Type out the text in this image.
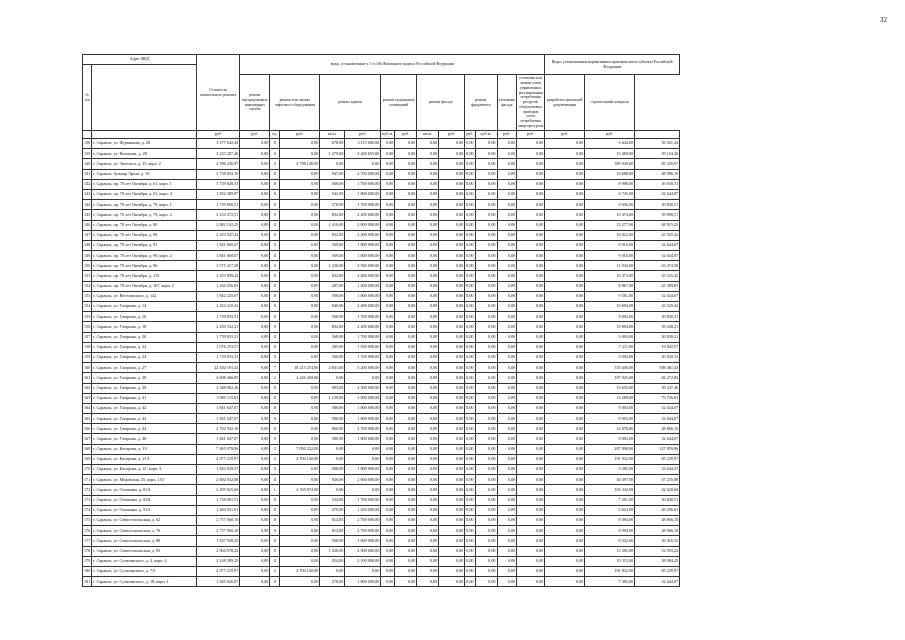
32
Адрес МКД		Стоимость капитального ремонта	виды, установленные ч.1 ст.166 Жилищного кодекса Российской Федерации													Виды, установленные нормативным правовым актом субъекта Российской Федерации		
№ п/п																		
			ремонт внутридомовых инженерных систем	ремонт или замена лифтового оборудования		ремонт крыши		ремонт подвальных помещений		ремонт фасада		ремонт фундамента		утепление фасада	установка или замена узлов управления и регулирования потребления ресурсов, общедомовых приборов учета потребления энергоресурсов	разработка проектной документации	строительный контроль	
		руб.	руб.	ед.	руб.	кв.м.	руб.	куб.м.	руб.	кв.м.	руб.	руб.	куб.м.	руб.	руб.	руб.	руб.	
138	г. Саранск, ул. Фурманова, д. 28	3 177 642,44	0,00	0	0,00	678,00	3 115 000,00	0,00	0,00	0,00	0,00	0,00	0,00	0,00	0,00	0,00	5 644,00	56 501,44
139	г. Саранск, ул. Кольцова, д. 28	3 233 287,46	0,00	0	0,00	1 279,00	3 260 655,00	0,00	0,00	0,00	0,00	0,00	0,00	0,00	0,00	0,00	15 469,00	59 134,46
140	г. Саранск, ул. Энгельса, д. 15, корп. 2	4 596 236,97	0,00	2	4 798 148,00	0,00	0,00	0,00	0,00	0,00	0,00	0,00	0,00	0,00	0,00	0,00	389 949,60	85 339,97
141	г. Саранск, бульвар Эрьзи, д. 10	2 758 834,10	0,00	0	0,00	947,00	2 700 000,00	0,00	0,00	0,00	0,00	0,00	0,00	0,00	0,00	0,00	10 688,00	48 996,10
142	г. Саранск, пр. 70 лет Октября, д. 61, корп. 1	1 739 828,31	0,00	0	0,00	568,00	1 700 000,00	0,00	0,00	0,00	0,00	0,00	0,00	0,00	0,00	0,00	8 998,00	30 830,31
143	г. Саранск, пр. 70 лет Октября, д. 61, корп. 4	1 832 389,87	0,00	0	0,00	542,00	1 800 000,00	0,00	0,00	0,00	0,00	0,00	0,00	0,00	0,00	0,00	6 745,00	32 644,87
144	г. Саранск, пр. 70 лет Октября, д. 79, корп. 1	1 739 856,51	0,00	0	0,00	578,00	1 700 000,00	0,00	0,00	0,00	0,00	0,00	0,00	0,00	0,00	0,00	9 606,00	30 830,51
145	г. Саранск, пр. 70 лет Октября, д. 79, корп. 2	2 254 372,51	0,00	0	0,00	832,00	2 200 000,00	0,00	0,00	0,00	0,00	0,00	0,00	0,00	0,00	0,00	10 474,00	39 898,51
146	г. Саранск, пр. 70 лет Октября, д. 80	2 882 192,25	0,00	0	0,00	1 416,00	2 800 000,00	0,00	0,00	0,00	0,00	0,00	0,00	0,00	0,00	0,00	13 277,00	68 915,25
147	г. Саранск, пр. 70 лет Октября, д. 88	2 453 947,42	0,00	0	0,00	832,00	2 400 000,00	0,00	0,00	0,00	0,00	0,00	0,00	0,00	0,00	0,00	10 422,00	43 525,42
148	г. Саранск, пр. 70 лет Октября, д. 91	1 841 660,07	0,00	0	0,00	569,00	1 800 000,00	0,00	0,00	0,00	0,00	0,00	0,00	0,00	0,00	0,00	9 016,00	32 644,07
149	г. Саранск, пр. 70 лет Октября, д. 99, корп. 2	1 841 660,07	0,00	0	0,00	569,00	1 800 000,00	0,00	0,00	0,00	0,00	0,00	0,00	0,00	0,00	0,00	9 016,00	32 644,07
150	г. Саранск, пр. 70 лет Октября, д. 96	3 575 417,58	0,00	0	0,00	1 236,00	3 500 000,00	0,00	0,00	0,00	0,00	0,00	0,00	0,00	0,00	0,00	11 943,00	63 474,58
151	г. Саранск, пр. 70 лет Октября, д. 110	2 453 899,42	0,00	0	0,00	832,00	2 400 000,00	0,00	0,00	0,00	0,00	0,00	0,00	0,00	0,00	0,00	10 474,00	43 525,42
152	г. Саранск, пр. 70 лет Октября, д. 107, корп. 2	1 434 256,83	0,00	0	0,00	287,00	1 400 000,00	0,00	0,00	0,00	0,00	0,00	0,00	0,00	0,00	0,00	8 867,00	25 389,83
153	г. Саранск, ул. Веселовского, д. 142	1 842 225,67	0,00	0	0,00	508,00	1 800 000,00	0,00	0,00	0,00	0,00	0,00	0,00	0,00	0,00	0,00	9 581,00	32 644,67
154	г. Саранск, ул. Гагарина, д. 14	2 454 210,42	0,00	0	0,00	840,00	2 400 000,00	0,00	0,00	0,00	0,00	0,00	0,00	0,00	0,00	0,00	10 694,00	43 525,42
155	г. Саранск, ул. Гагарина, д. 16	1 739 833,31	0,00	0	0,00	568,00	1 700 000,00	0,00	0,00	0,00	0,00	0,00	0,00	0,00	0,00	0,00	9 003,00	30 830,31
156	г. Саранск, ул. Гагарина, д. 18	2 250 332,21	0,00	0	0,00	832,00	2 200 000,00	0,00	0,00	0,00	0,00	0,00	0,00	0,00	0,00	0,00	10 894,00	39 438,21
157	г. Саранск, ул. Гагарина, д. 20	1 739 833,31	0,00	0	0,00	568,00	1 700 000,00	0,00	0,00	0,00	0,00	0,00	0,00	0,00	0,00	0,00	9 003,00	30 830,31
158	г. Саранск, ул. Гагарина, д. 22	1 076 253,57	0,00	0	0,00	285,00	1 050 000,00	0,00	0,00	0,00	0,00	0,00	0,00	0,00	0,00	0,00	7 211,00	19 042,57
159	г. Саранск, ул. Гагарина, д. 24	1 739 833,31	0,00	0	0,00	560,00	1 700 000,00	0,00	0,00	0,00	0,00	0,00	0,00	0,00	0,00	0,00	9 003,00	30 830,31
160	г. Саранск, ул. Гагарина, д. 27	22 182 191,43	0,00	7	18 213 274,00	2 831,00	3 200 000,00	0,00	0,00	0,00	0,00	0,00	0,00	0,00	0,00	0,00	370 456,00	398 461,43
161	г. Саранск, ул. Гагарина, д. 29	4 698 466,85	0,00	2	4 426 269,00	0,00	0,00	0,00	0,00	0,00	0,00	0,00	0,00	0,00	0,00	0,00	187 925,00	84 272,85
162	г. Саранск, ул. Гагарина, д. 39	2 349 902,46	0,00	0	0,00	903,00	2 300 000,00	0,00	0,00	0,00	0,00	0,00	0,00	0,00	0,00	0,00	10 655,00	39 247,46
163	г. Саранск, ул. Гагарина, д. 41	3 985 115,81	0,00	0	0,00	1 139,00	3 900 000,00	0,00	0,00	0,00	0,00	0,00	0,00	0,00	0,00	0,00	13 289,00	79 726,81
164	г. Саранск, ул. Гагарина, д. 42	1 841 647,07	0,00	0	0,00	580,00	1 800 000,00	0,00	0,00	0,00	0,00	0,00	0,00	0,00	0,00	0,00	9 003,00	32 644,07
165	г. Саранск, ул. Гагарина, д. 43	1 841 647,07	0,00	0	0,00	580,00	1 800 000,00	0,00	0,00	0,00	0,00	0,00	0,00	0,00	0,00	0,00	9 003,00	32 644,07
166	г. Саранск, ул. Гагарина, д. 44	2 762 942,10	0,00	0	0,00	860,00	2 700 000,00	0,00	0,00	0,00	0,00	0,00	0,00	0,00	0,00	0,00	14 076,00	48 866,10
167	г. Саранск, ул. Гагарина, д. 46	1 841 647,07	0,00	0	0,00	580,00	1 800 000,00	0,00	0,00	0,00	0,00	0,00	0,00	0,00	0,00	0,00	9 003,00	32 644,07
168	г. Саранск, ул. Каспрова, д. 19	7 465 979,96	0,00	3	7 050 222,00	0,00	0,00	0,00	0,00	0,00	0,00	0,00	0,00	0,00	0,00	0,00	287 898,00	127 859,96
169	г. Саранск, ул. Каспрова, д. 21А	4 977 219,97	0,00	2	4 700 148,00	0,00	0,00	0,00	0,00	0,00	0,00	0,00	0,00	0,00	0,00	0,00	191 932,00	85 239,97
170	г. Саранск, ул. Каспрова, д. 41, корп. 3	1 843 029,37	0,00	0	0,00	508,00	1 800 000,00	0,00	0,00	0,00	0,00	0,00	0,00	0,00	0,00	0,00	9 385,00	33 644,37
171	г. Саранск, ул. Медовская, 35, корп. 153	2 692 032,08	0,00	0	0,00	926,00	2 604 000,00	0,00	0,00	0,00	0,00	0,00	0,00	0,00	0,00	0,00	40 397,00	47 235,08
172	г. Саранск, ул. Осипенко, д. 81А	2 495 825,69	0,00	1	2 350 074,00	0,00	0,00	0,00	0,00	0,00	0,00	0,00	0,00	0,00	0,00	0,00	103 342,09	42 620,69
173	г. Саранск, ул. Осипенко, д. 83А	1 738 061,51	0,00	0	0,00	534,00	1 700 000,00	0,00	0,00	0,00	0,00	0,00	0,00	0,00	0,00	0,00	7 261,00	30 830,51
174	г. Саранск, ул. Осипенко, д. 91А	1 484 931,61	0,00	0	0,00	470,00	1 450 000,00	0,00	0,00	0,00	0,00	0,00	0,00	0,00	0,00	0,00	5 624,00	26 296,61
175	г. Саранск, ул. Севастопольская, д. 62	2 757 060,10	0,00	0	0,00	814,00	2 700 000,00	0,00	0,00	0,00	0,00	0,00	0,00	0,00	0,00	0,00	8 094,00	48 866,10
176	г. Саранск, ул. Севастопольская, д. 76	2 757 060,10	0,00	0	0,00	814,00	2 700 000,00	0,00	0,00	0,00	0,00	0,00	0,00	0,00	0,00	0,00	8 094,00	48 966,10
177	г. Саранск, ул. Севастопольская, д. 88	1 637 949,35	0,00	0	0,00	568,00	1 600 000,00	0,00	0,00	0,00	0,00	0,00	0,00	0,00	0,00	0,00	8 532,00	29 416,35
178	г. Саранск, ул. Севастопольская, д. 93	2 964 978,22	0,00	0	0,00	1 026,00	2 900 000,00	0,00	0,00	0,00	0,00	0,00	0,00	0,00	0,00	0,00	13 385,00	52 593,22
179	г. Саранск, ул. Сутягинского, д. 4, корп. 4	2 148 389,25	0,00	0	0,00	854,00	2 100 000,00	0,00	0,00	0,00	0,00	0,00	0,00	0,00	0,00	0,00	10 315,00	38 084,25
180	г. Саранск, ул. Сутягинского, д. 7А	4 977 219,97	0,00	2	4 700 148,00	0,00	0,00	0,00	0,00	0,00	0,00	0,00	0,00	0,00	0,00	0,00	191 832,00	85 239,97
181	г. Саранск, ул. Сутягинского, д. 18, корп. 1	1 845 026,07	0,00	0	0,00	578,00	1 800 000,00	0,00	0,00	0,00	0,00	0,00	0,00	0,00	0,00	0,00	7 385,00	32 644,07
